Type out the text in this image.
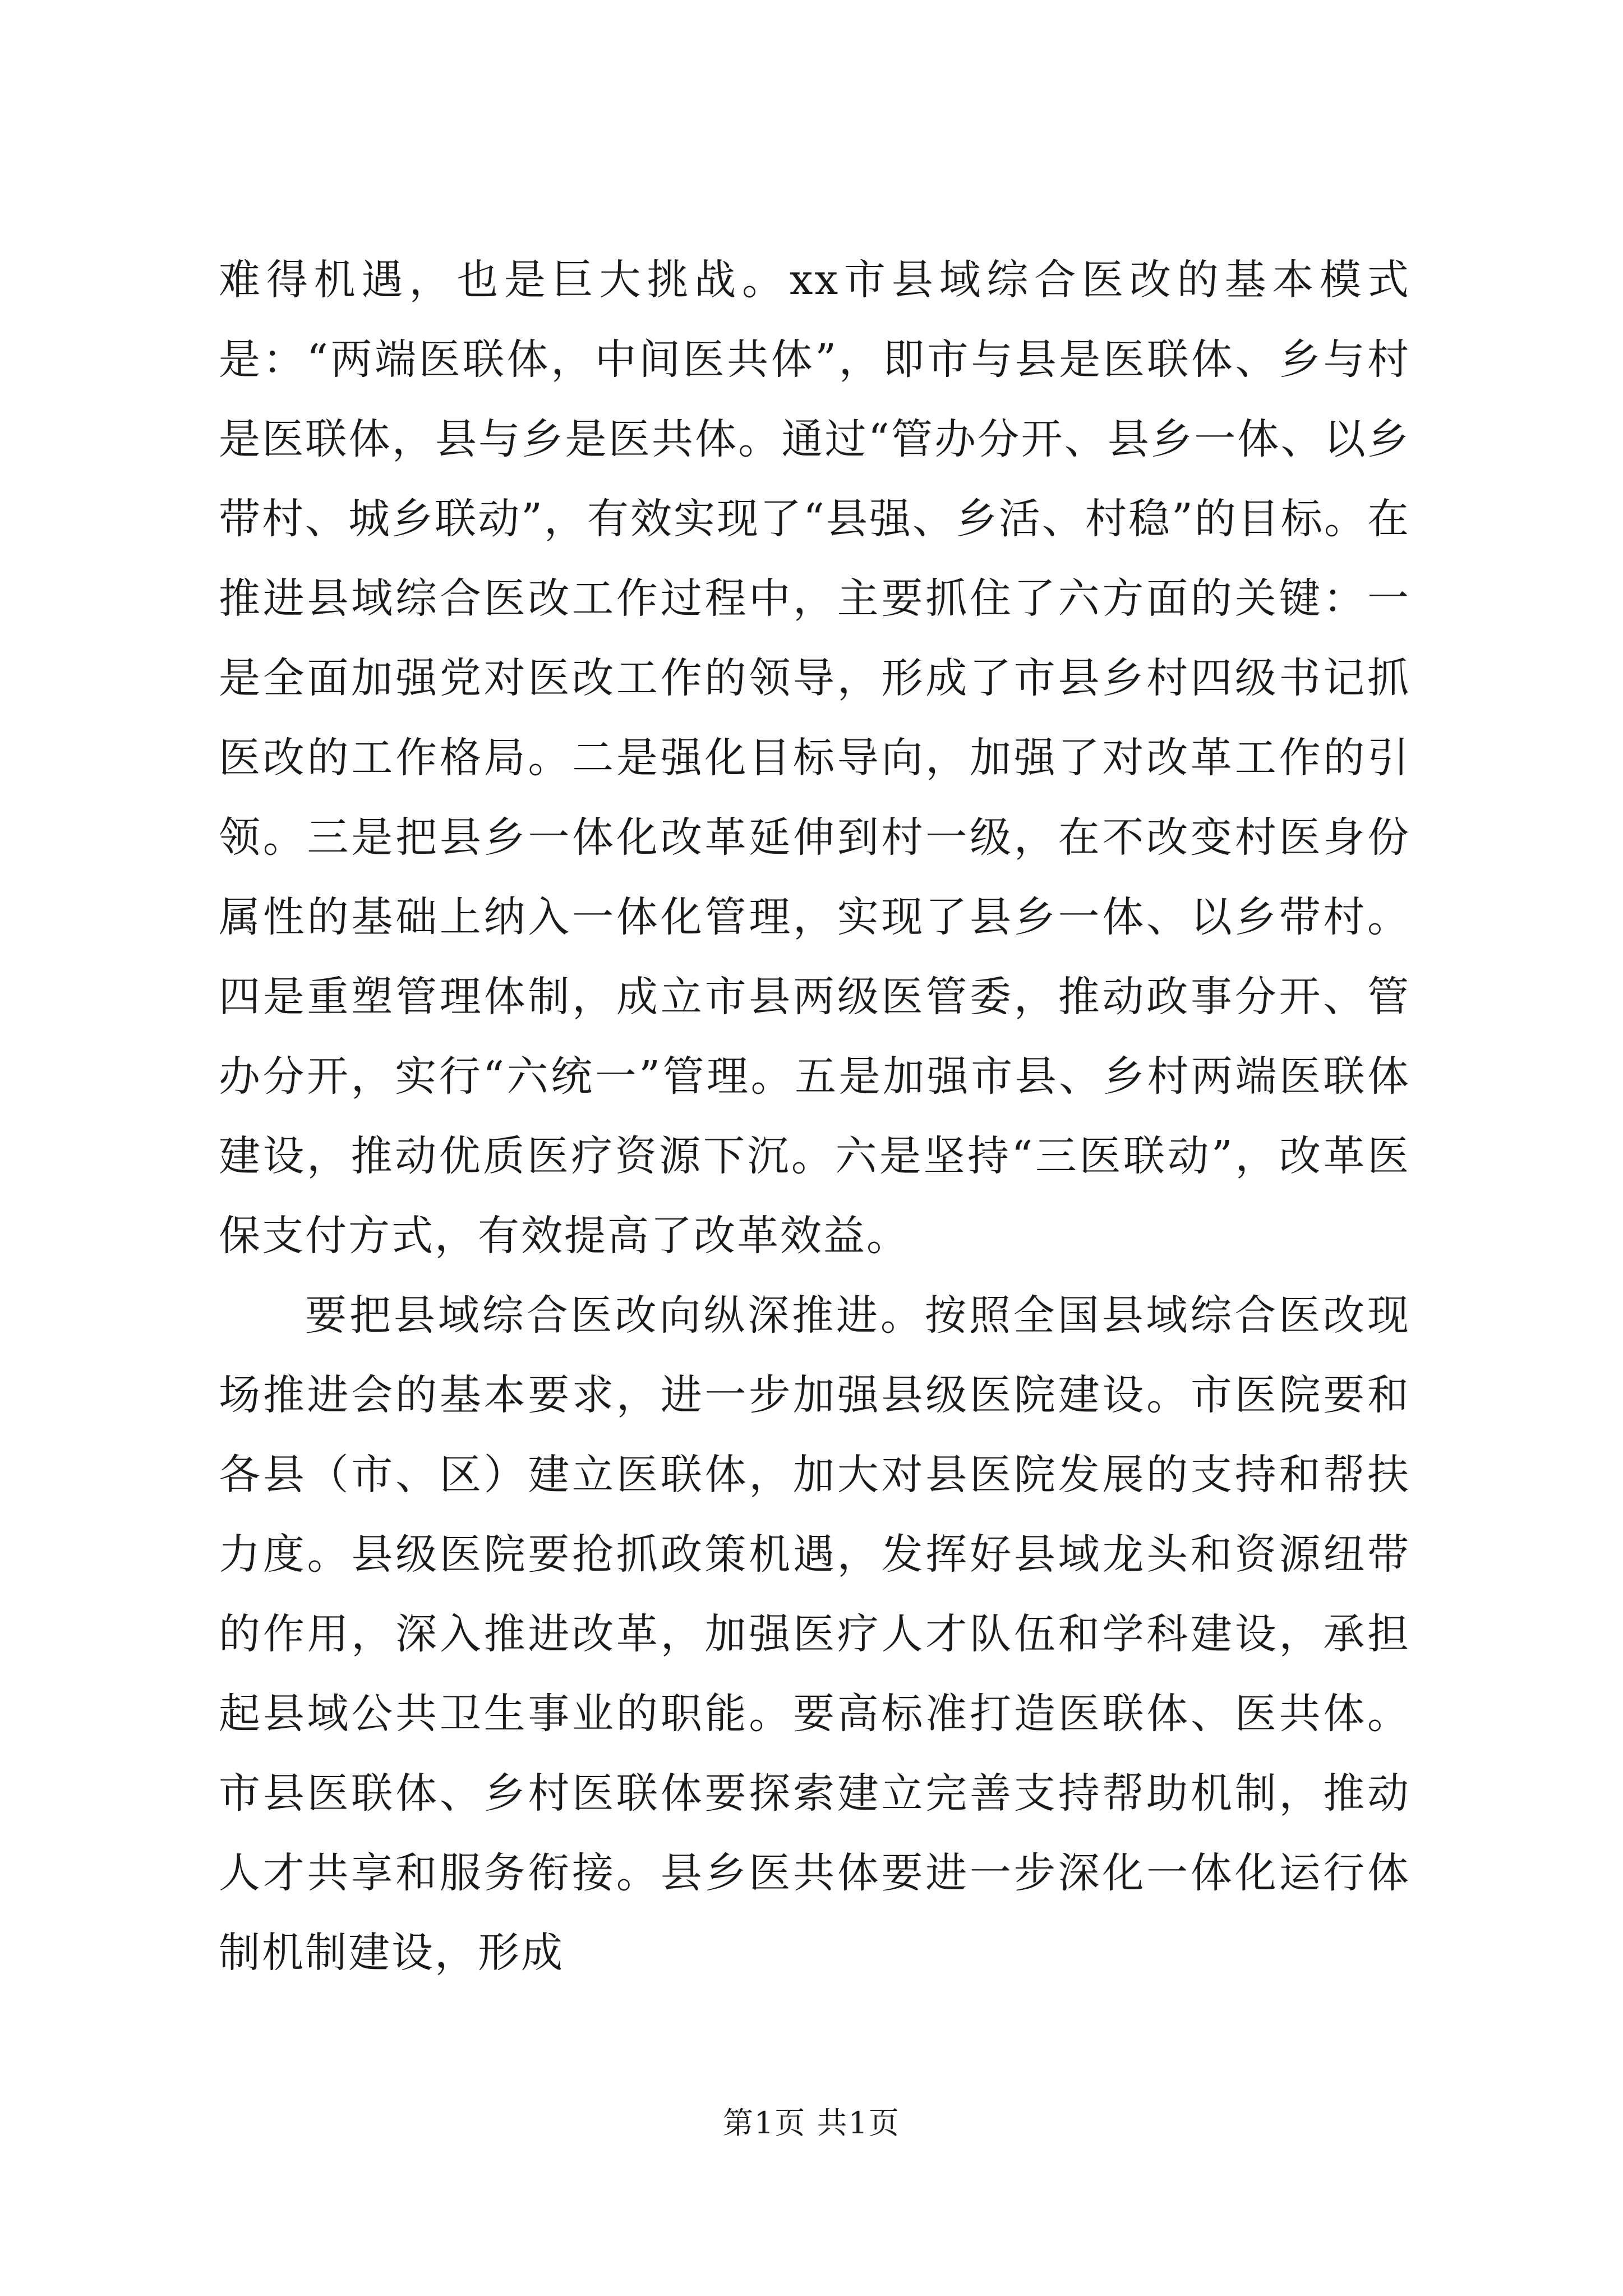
难得机遇，也是巨大挑战。xx市县域综合医改的基本模式是：“两端医联体，中间医共体”，即市与县是医联体、乡与村是医联体，县与乡是医共体。通过“管办分开、县乡一体、以乡带村、城乡联动”，有效实现了“县强、乡活、村稳”的目标。在推进县域综合医改工作过程中，主要抓住了六方面的关键：一是全面加强党对医改工作的领导，形成了市县乡村四级书记抓医改的工作格局。二是强化目标导向，加强了对改革工作的引领。三是把县乡一体化改革延伸到村一级，在不改变村医身份属性的基础上纳入一体化管理，实现了县乡一体、以乡带村。四是重塑管理体制，成立市县两级医管委，推动政事分开、管办分开，实行“六统一”管理。五是加强市县、乡村两端医联体建设，推动优质医疗资源下沉。六是坚持“三医联动”，改革医保支付方式，有效提高了改革效益。

要把县域综合医改向纵深推进。按照全国县域综合医改现场推进会的基本要求，进一步加强县级医院建设。市医院要和各县（市、区）建立医联体，加大对县医院发展的支持和帮扶力度。县级医院要抢抓政策机遇，发挥好县域龙头和资源纽带的作用，深入推进改革，加强医疗人才队伍和学科建设，承担起县域公共卫生事业的职能。要高标准打造医联体、医共体。市县医联体、乡村医联体要探索建立完善支持帮助机制，推动人才共享和服务衔接。县乡医共体要进一步深化一体化运行体制机制建设，形成

第1页 共1页
